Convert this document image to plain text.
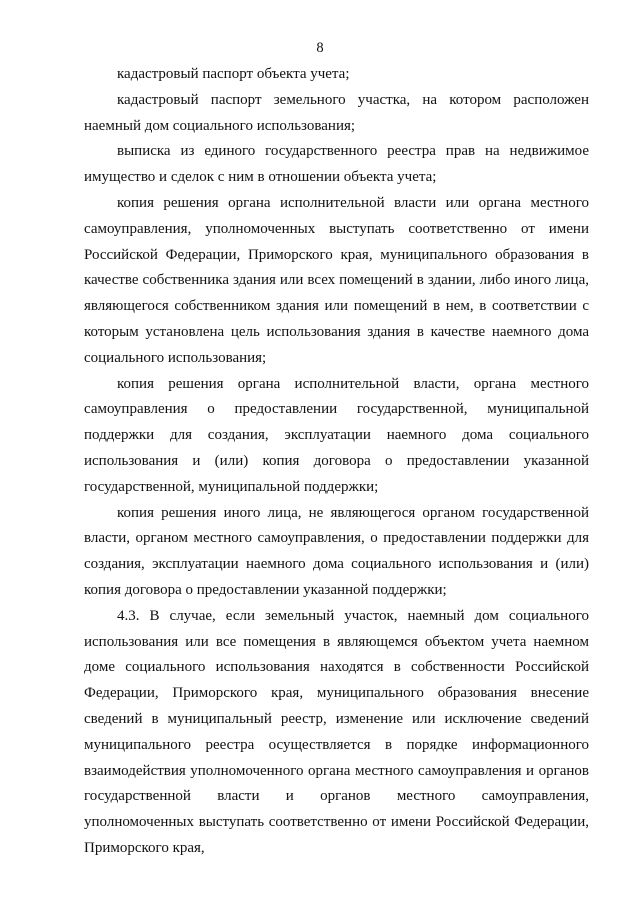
8

кадастровый паспорт объекта учета;

кадастровый паспорт земельного участка, на котором расположен наемный дом социального использования;

выписка из единого государственного реестра прав на недвижимое имущество и сделок с ним в отношении объекта учета;

копия решения органа исполнительной власти или органа местного самоуправления, уполномоченных выступать соответственно от имени Российской Федерации, Приморского края, муниципального образования в качестве собственника здания или всех помещений в здании, либо иного лица, являющегося собственником здания или помещений в нем, в соответствии с которым установлена цель использования здания в качестве наемного дома социального использования;

копия решения органа исполнительной власти, органа местного самоуправления о предоставлении государственной, муниципальной поддержки для создания, эксплуатации наемного дома социального использования и (или) копия договора о предоставлении указанной государственной, муниципальной поддержки;

копия решения иного лица, не являющегося органом государственной власти, органом местного самоуправления, о предоставлении поддержки для создания, эксплуатации наемного дома социального использования и (или) копия договора о предоставлении указанной поддержки;

4.3. В случае, если земельный участок, наемный дом социального использования или все помещения в являющемся объектом учета наемном доме социального использования находятся в собственности Российской Федерации, Приморского края, муниципального образования внесение сведений в муниципальный реестр, изменение или исключение сведений муниципального реестра осуществляется в порядке информационного взаимодействия уполномоченного органа местного самоуправления и органов государственной власти и органов местного самоуправления, уполномоченных выступать соответственно от имени Российской Федерации, Приморского края,
